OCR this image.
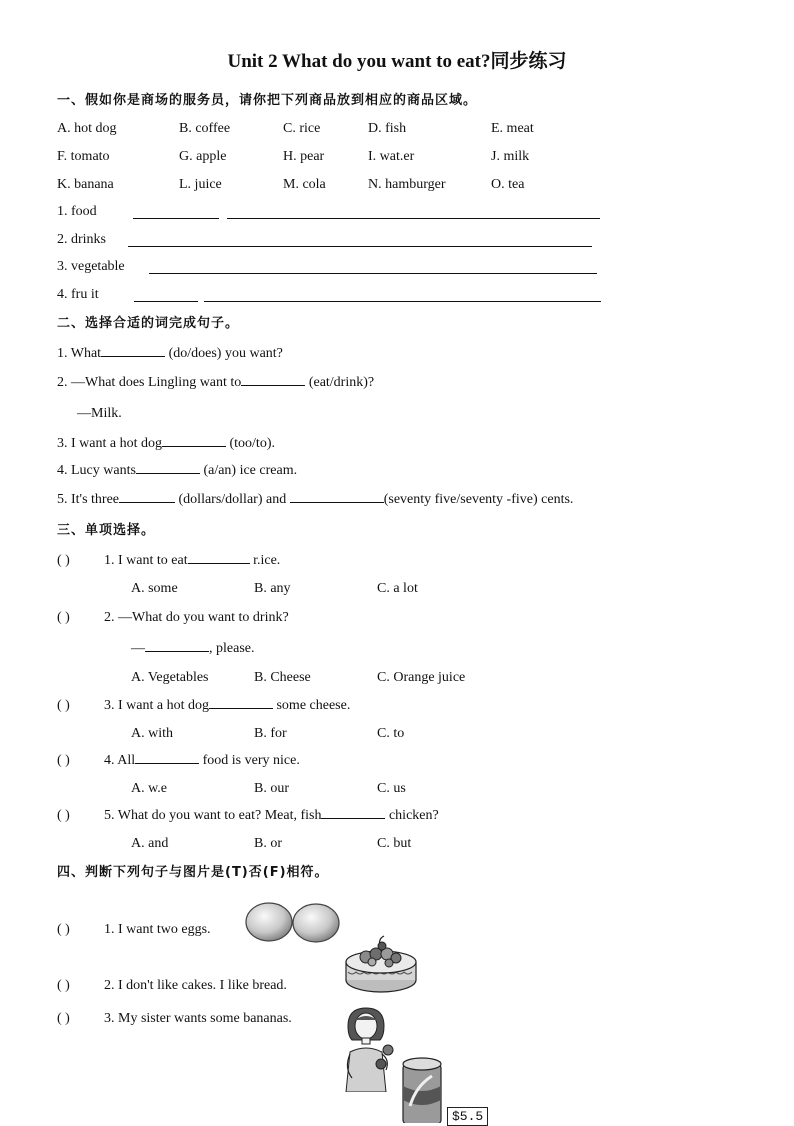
Unit 2 What do you want to eat?同步练习
一、假如你是商场的服务员，请你把下列商品放到相应的商品区域。
A. hot dog	B. coffee	C. rice	D. fish	E. meat
F. tomato	G. apple	H. pear	I. wat.er	J. milk
K. banana	L. juice	M. cola	N. hamburger	O. tea
1. food
2. drinks
3. vegetable
4. fru it
二、选择合适的词完成句子。
1. What	(do/does) you want?
2. —What does Lingling want to	(eat/drink)?
—Milk.
3. I want a hot dog	(too/to).
4. Lucy wants	(a/an) ice cream.
5. It's three	(dollars/dollar) and	(seventy five/seventy -five) cents.
三、单项选择。
( ) 1. I want to eat	r.ice.
A. some	B. any	C. a lot
( ) 2. —What do you want to drink?
—	, please.
A. Vegetables	B. Cheese	C. Orange juice
( ) 3. I want a hot dog	some cheese.
A. with	B. for	C. to
( ) 4. All	food is very nice.
A. w.e	B. our	C. us
( ) 5. What do you want to eat? Meat, fish	chicken?
A. and	B. or	C. but
四、判断下列句子与图片是(T)否(F)相符。
( ) 1. I want two eggs.
( ) 2. I don't like cakes. I like bread.
( ) 3. My sister wants some bananas.
$5.5
